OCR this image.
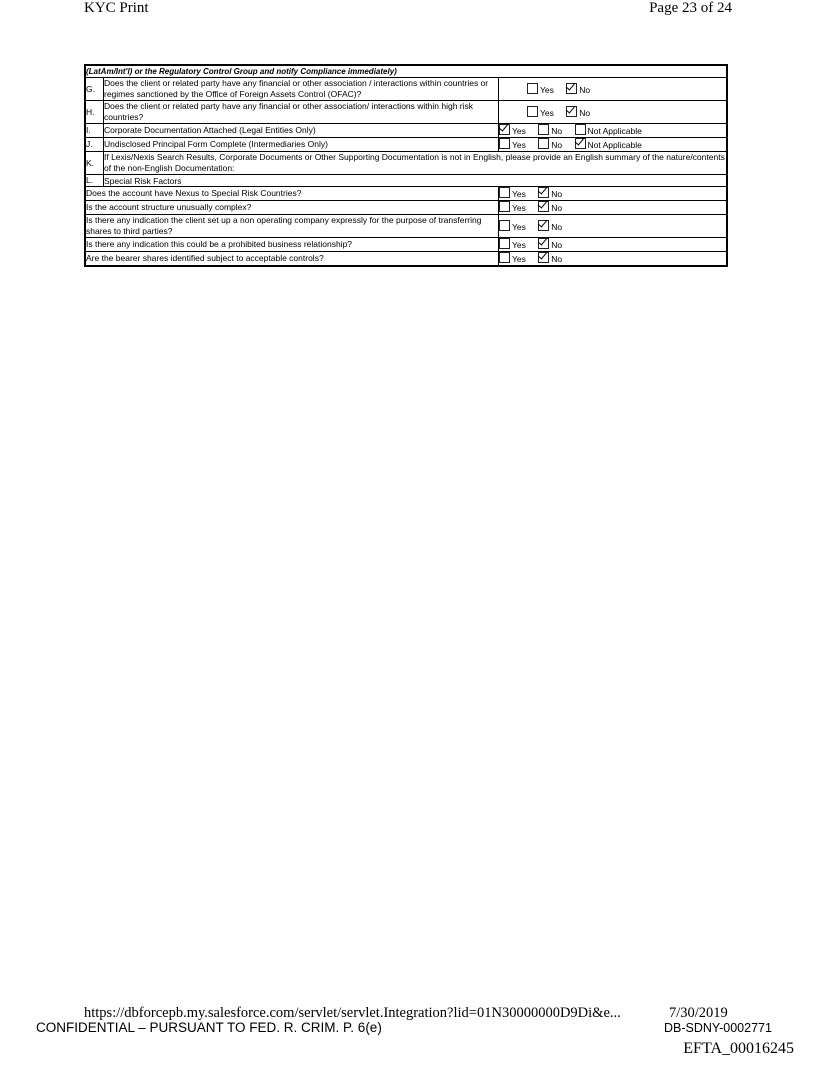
KYC Print	Page 23 of 24
(LatAm/Int'l) or the Regulatory Control Group and notify Compliance immediately)		
G.	Does the client or related party have any financial or other association / interactions within countries or regimes sanctioned by the Office of Foreign Assets Control (OFAC)?	Yes No
H.	Does the client or related party have any financial or other association/ interactions within high risk countries?	Yes No
I.	Corporate Documentation Attached (Legal Entities Only)	Yes No Not Applicable
J.	Undisclosed Principal Form Complete (Intermediaries Only)	Yes No Not Applicable
K.	If Lexis/Nexis Search Results, Corporate Documents or Other Supporting Documentation is not in English, please provide an English summary of the nature/contents of the non-English Documentation:	
L.	Special Risk Factors	
Does the account have Nexus to Special Risk Countries?		Yes No
Is the account structure unusually complex?		Yes No
Is there any indication the client set up a non operating company expressly for the purpose of transferring shares to third parties?		Yes No
Is there any indication this could be a prohibited business relationship?		Yes No
Are the bearer shares identified subject to acceptable controls?		Yes No
https://dbforcepb.my.salesforce.com/servlet/servlet.Integration?lid=01N30000000D9Di&e...	7/30/2019
CONFIDENTIAL – PURSUANT TO FED. R. CRIM. P. 6(e)	DB-SDNY-0002771
EFTA_00016245
